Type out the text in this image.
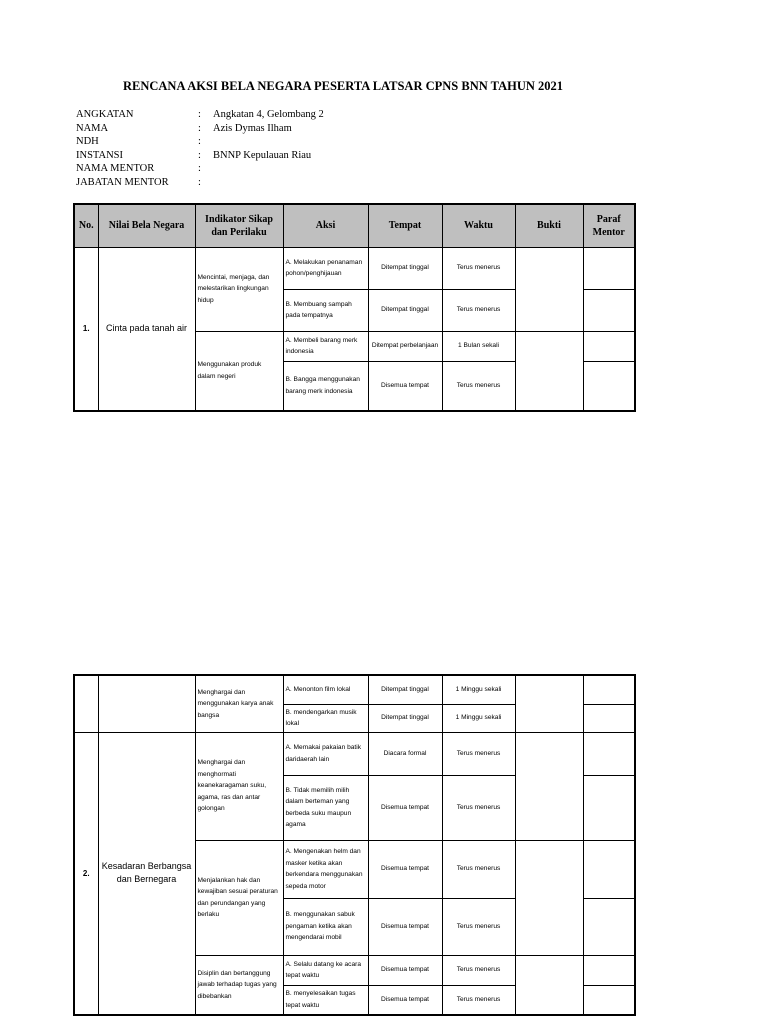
RENCANA AKSI BELA NEGARA PESERTA LATSAR CPNS BNN TAHUN 2021
ANGKATAN	:	Angkatan 4, Gelombang 2
NAMA	:	Azis Dymas Ilham
NDH	:
INSTANSI	:	BNNP Kepulauan Riau
NAMA MENTOR	:
JABATAN MENTOR	:
No.	Nilai Bela Negara	Indikator Sikap dan Perilaku	Aksi	Tempat	Waktu	Bukti	Paraf Mentor
1.	Cinta pada tanah air	Mencintai, menjaga, dan melestarikan lingkungan hidup	A. Melakukan penanaman pohon/penghijauan	Ditempat tinggal	Terus menerus		
			B. Membuang sampah pada tempatnya	Ditempat tinggal	Terus menerus		
		Menggunakan produk dalam negeri	A. Membeli barang merk indonesia	Ditempat perbelanjaan	1 Bulan sekali		
			B. Bangga menggunakan barang merk indonesia	Disemua tempat	Terus menerus		
		Menghargai dan menggunakan karya anak bangsa	A. Menonton film lokal	Ditempat tinggal	1 Minggu sekali		
			B. mendengarkan musik lokal	Ditempat tinggal	1 Minggu sekali		
2.	Kesadaran Berbangsa dan Bernegara	Menghargai dan menghormati keanekaragaman suku, agama, ras dan antar golongan	A. Memakai pakaian batik daridaerah lain	Diacara formal	Terus menerus		
			B. Tidak memilih milih dalam berteman yang berbeda suku maupun agama	Disemua tempat	Terus menerus		
		Menjalankan hak dan kewajiban sesuai peraturan dan perundangan yang berlaku	A. Mengenakan helm dan masker ketika akan berkendara menggunakan sepeda motor	Disemua tempat	Terus menerus		
			B. menggunakan sabuk pengaman ketika akan mengendarai mobil	Disemua tempat	Terus menerus		
		Disiplin dan bertanggung jawab terhadap tugas yang dibebankan	A. Selalu datang ke acara tepat waktu	Disemua tempat	Terus menerus		
			B. menyelesaikan tugas tepat waktu	Disemua tempat	Terus menerus		
